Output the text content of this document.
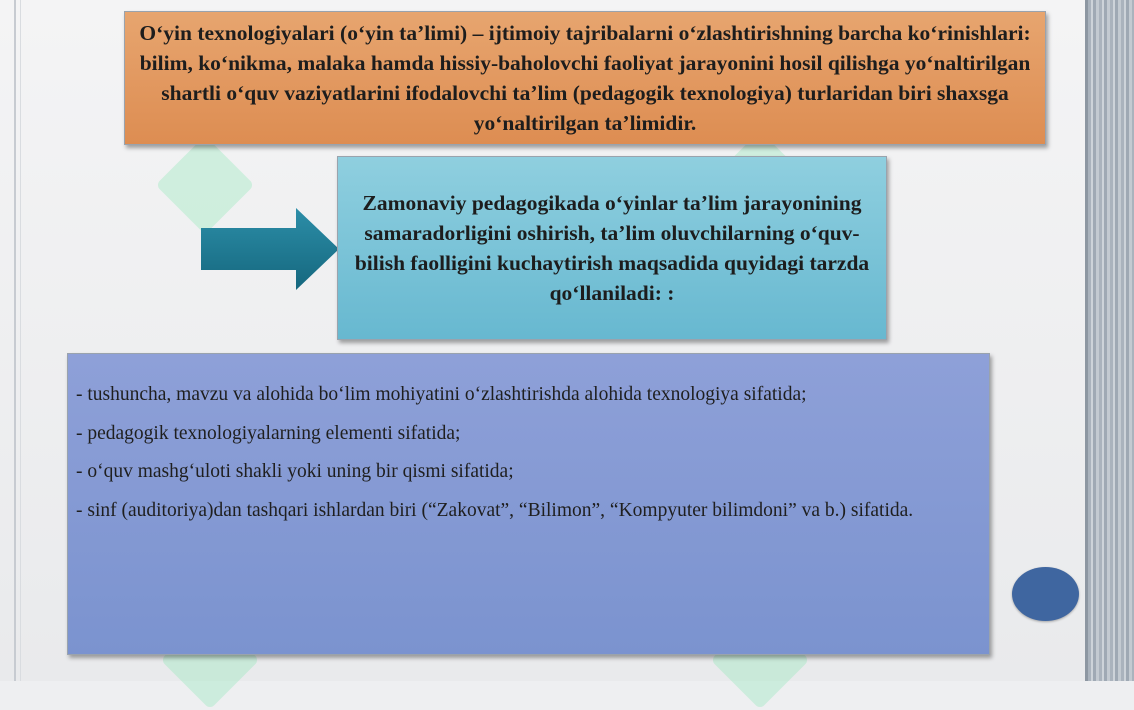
O‘yin texnologiyalari (o‘yin ta’limi) – ijtimoiy tajribalarni o‘zlashtirishning barcha ko‘rinishlari: bilim, ko‘nikma, malaka hamda hissiy-baholovchi faoliyat jarayonini hosil qilishga yo‘naltirilgan shartli o‘quv vaziyatlarini ifodalovchi ta’lim (pedagogik texnologiya) turlaridan biri shaxsga yo‘naltirilgan ta’limidir.

Zamonaviy pedagogikada o‘yinlar ta’lim jarayonining samaradorligini oshirish, ta’lim oluvchilarning o‘quv-bilish faolligini kuchaytirish maqsadida quyidagi tarzda qo‘llaniladi: :

- tushuncha, mavzu va alohida bo‘lim mohiyatini o‘zlashtirishda alohida texnologiya sifatida;
- pedagogik texnologiyalarning elementi sifatida;
- o‘quv mashg‘uloti shakli yoki uning bir qismi sifatida;
- sinf (auditoriya)dan tashqari ishlardan biri (“Zakovat”, “Bilimon”, “Kompyuter bilimdoni” va b.) sifatida.
